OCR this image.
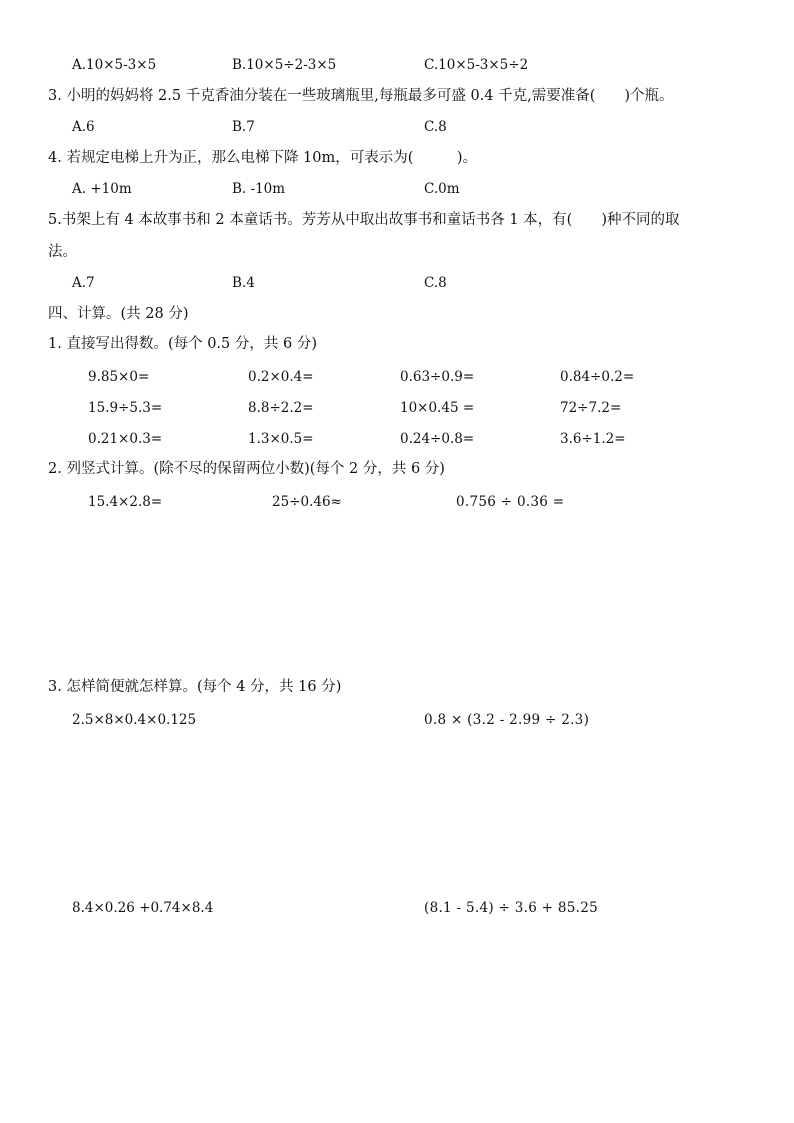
A.10×5-3×5	B.10×5÷2-3×5	C.10×5-3×5÷2
3. 小明的妈妈将 2.5 千克香油分装在一些玻璃瓶里,每瓶最多可盛 0.4 千克,需要准备(　　)个瓶。
A.6	B.7	C.8
4. 若规定电梯上升为正，那么电梯下降 10m，可表示为(　　　)。
A. +10m	B. -10m	C.0m
5.书架上有 4 本故事书和 2 本童话书。芳芳从中取出故事书和童话书各 1 本，有(　　)种不同的取
法。
A.7	B.4	C.8
四、计算。(共 28 分)
1. 直接写出得数。(每个 0.5 分，共 6 分)
9.85×0=	0.2×0.4=	0.63÷0.9=	0.84÷0.2=
15.9÷5.3=	8.8÷2.2=	10×0.45 =	72÷7.2=
0.21×0.3=	1.3×0.5=	0.24÷0.8=	3.6÷1.2=
2. 列竖式计算。(除不尽的保留两位小数)(每个 2 分，共 6 分)
15.4×2.8=	25÷0.46≈	0.756 ÷ 0.36 =
3. 怎样简便就怎样算。(每个 4 分，共 16 分)
2.5×8×0.4×0.125	0.8 × (3.2 - 2.99 ÷ 2.3)
8.4×0.26 +0.74×8.4	(8.1 - 5.4) ÷ 3.6 + 85.25
